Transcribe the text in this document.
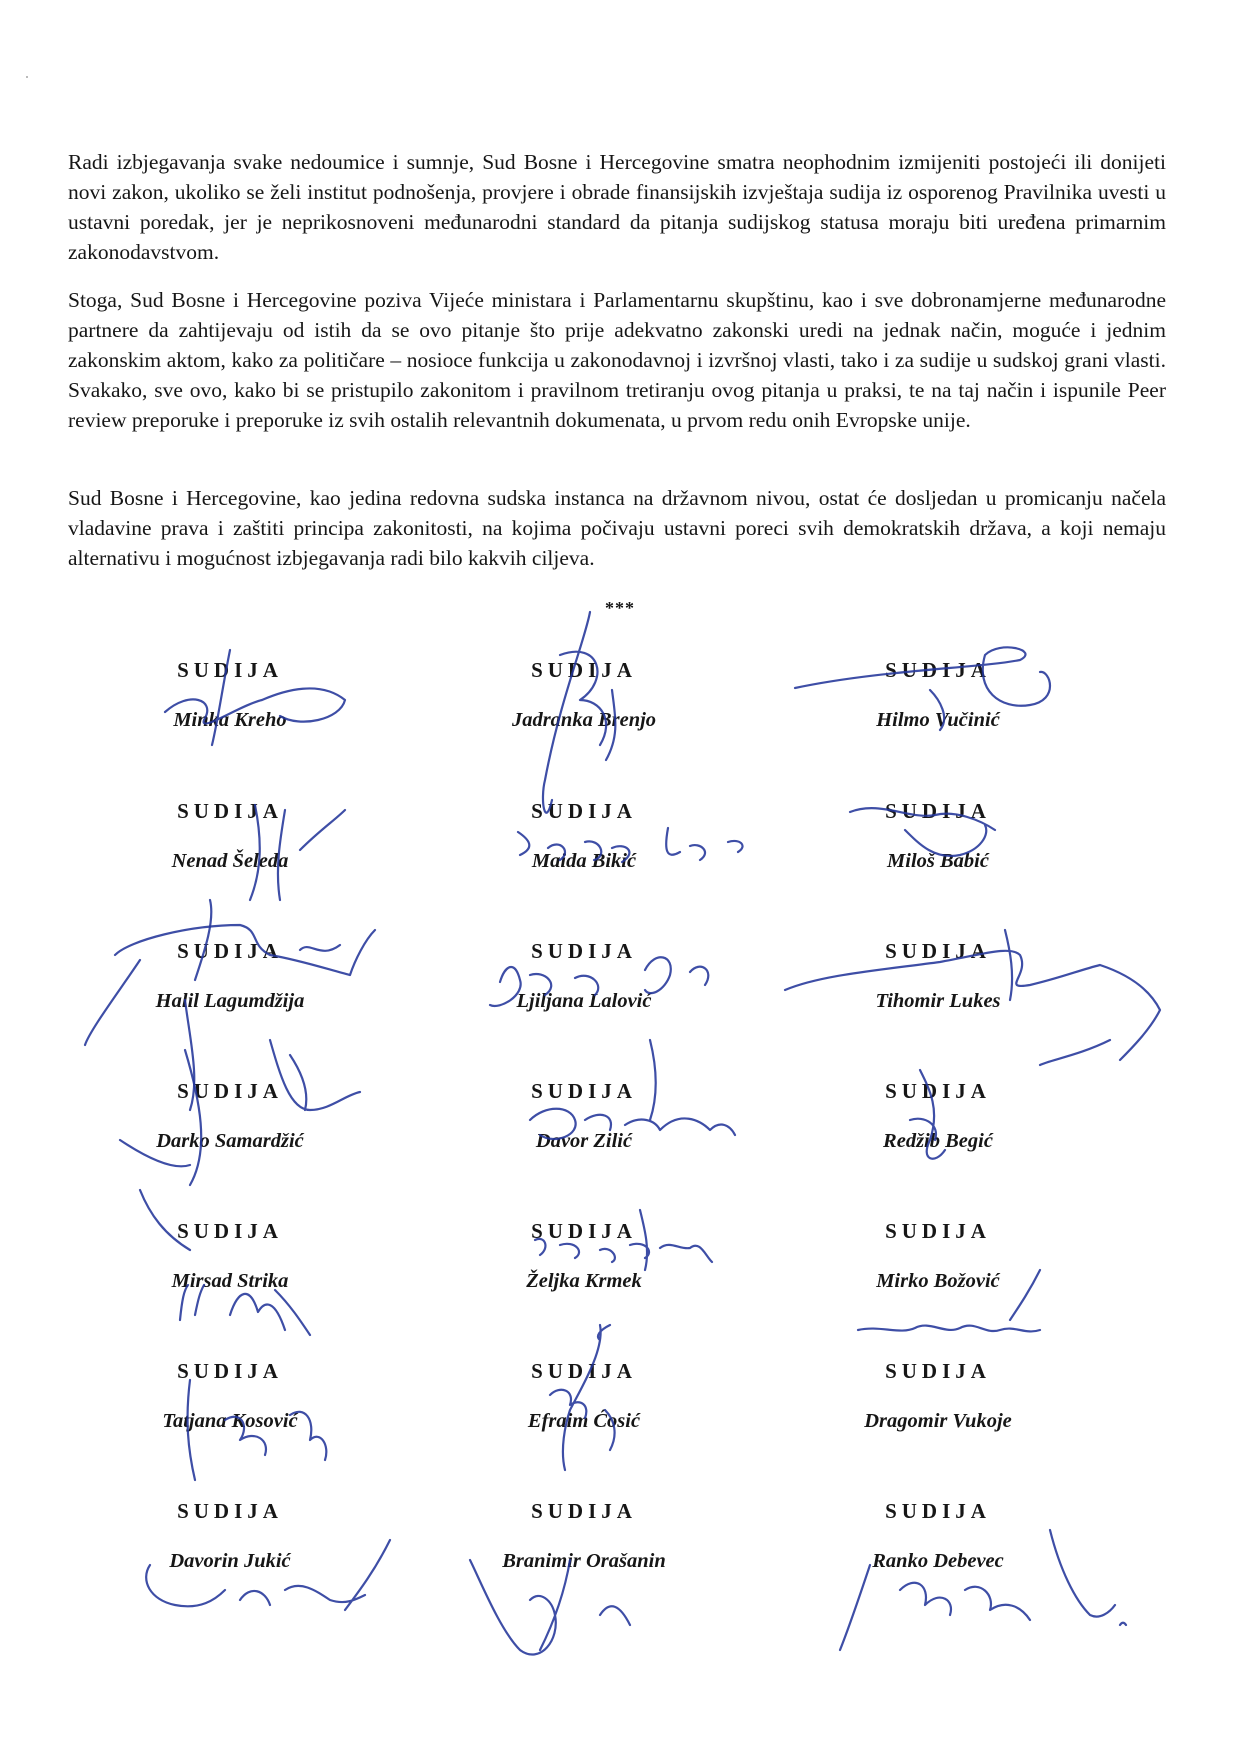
Radi izbjegavanja svake nedoumice i sumnje, Sud Bosne i Hercegovine smatra neophodnim izmijeniti postojeći ili donijeti novi zakon, ukoliko se želi institut podnošenja, provjere i obrade finansijskih izvještaja sudija iz osporenog Pravilnika uvesti u ustavni poredak, jer je neprikosnoveni međunarodni standard da pitanja sudijskog statusa moraju biti uređena primarnim zakonodavstvom.

Stoga, Sud Bosne i Hercegovine poziva Vijeće ministara i Parlamentarnu skupštinu, kao i sve dobronamjerne međunarodne partnere da zahtijevaju od istih da se ovo pitanje što prije adekvatno zakonski uredi na jednak način, moguće i jednim zakonskim aktom, kako za političare – nosioce funkcija u zakonodavnoj i izvršnoj vlasti, tako i za sudije u sudskoj grani vlasti. Svakako, sve ovo, kako bi se pristupilo zakonitom i pravilnom tretiranju ovog pitanja u praksi, te na taj način i ispunile Peer review preporuke i preporuke iz svih ostalih relevantnih dokumenata, u prvom redu onih Evropske unije.

Sud Bosne i Hercegovine, kao jedina redovna sudska instanca na državnom nivou, ostat će dosljedan u promicanju načela vladavine prava i zaštiti principa zakonitosti, na kojima počivaju ustavni poreci svih demokratskih država, a koji nemaju alternativu i mogućnost izbjegavanja radi bilo kakvih ciljeva.

***
SUDIJA
Minka Kreho
SUDIJA
Jadranka Brenjo
SUDIJA
Hilmo Vučinić
SUDIJA
Nenad Šeleda
SUDIJA
Maida Bikić
SUDIJA
Miloš Babić
SUDIJA
Halil Lagumdžija
SUDIJA
Ljiljana Lalović
SUDIJA
Tihomir Lukes
SUDIJA
Darko Samardžić
SUDIJA
Davor Zilić
SUDIJA
Redžib Begić
SUDIJA
Mirsad Strika
SUDIJA
Željka Krmek
SUDIJA
Mirko Božović
SUDIJA
Tatjana Kosović
SUDIJA
Efraim Ćosić
SUDIJA
Dragomir Vukoje
SUDIJA
Davorin Jukić
SUDIJA
Branimir Orašanin
SUDIJA
Ranko Debevec
